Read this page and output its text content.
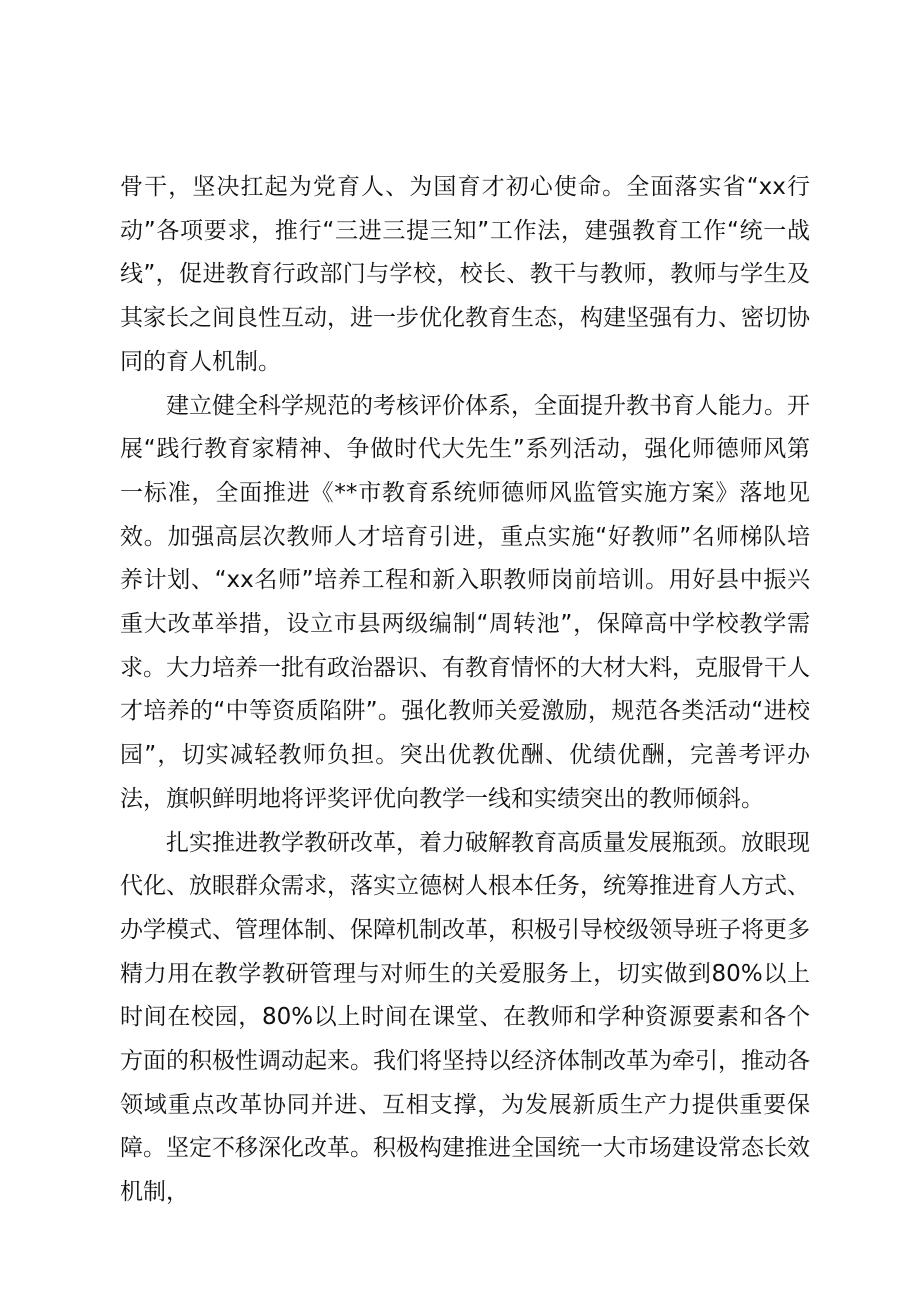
骨干，坚决扛起为党育人、为国育才初心使命。全面落实省“xx行动”各项要求，推行“三进三提三知”工作法，建强教育工作“统一战线”，促进教育行政部门与学校，校长、教干与教师，教师与学生及其家长之间良性互动，进一步优化教育生态，构建坚强有力、密切协同的育人机制。

建立健全科学规范的考核评价体系，全面提升教书育人能力。开展“践行教育家精神、争做时代大先生”系列活动，强化师德师风第一标准，全面推进《**市教育系统师德师风监管实施方案》落地见效。加强高层次教师人才培育引进，重点实施“好教师”名师梯队培养计划、“xx名师”培养工程和新入职教师岗前培训。用好县中振兴重大改革举措，设立市县两级编制“周转池”，保障高中学校教学需求。大力培养一批有政治器识、有教育情怀的大材大料，克服骨干人才培养的“中等资质陷阱”。强化教师关爱激励，规范各类活动“进校园”，切实减轻教师负担。突出优教优酬、优绩优酬，完善考评办法，旗帜鲜明地将评奖评优向教学一线和实绩突出的教师倾斜。

扎实推进教学教研改革，着力破解教育高质量发展瓶颈。放眼现代化、放眼群众需求，落实立德树人根本任务，统筹推进育人方式、办学模式、管理体制、保障机制改革，积极引导校级领导班子将更多精力用在教学教研管理与对师生的关爱服务上，切实做到80%以上时间在校园，80%以上时间在课堂、在教师和学种资源要素和各个方面的积极性调动起来。我们将坚持以经济体制改革为牵引，推动各领域重点改革协同并进、互相支撑，为发展新质生产力提供重要保障。坚定不移深化改革。积极构建推进全国统一大市场建设常态长效机制，
